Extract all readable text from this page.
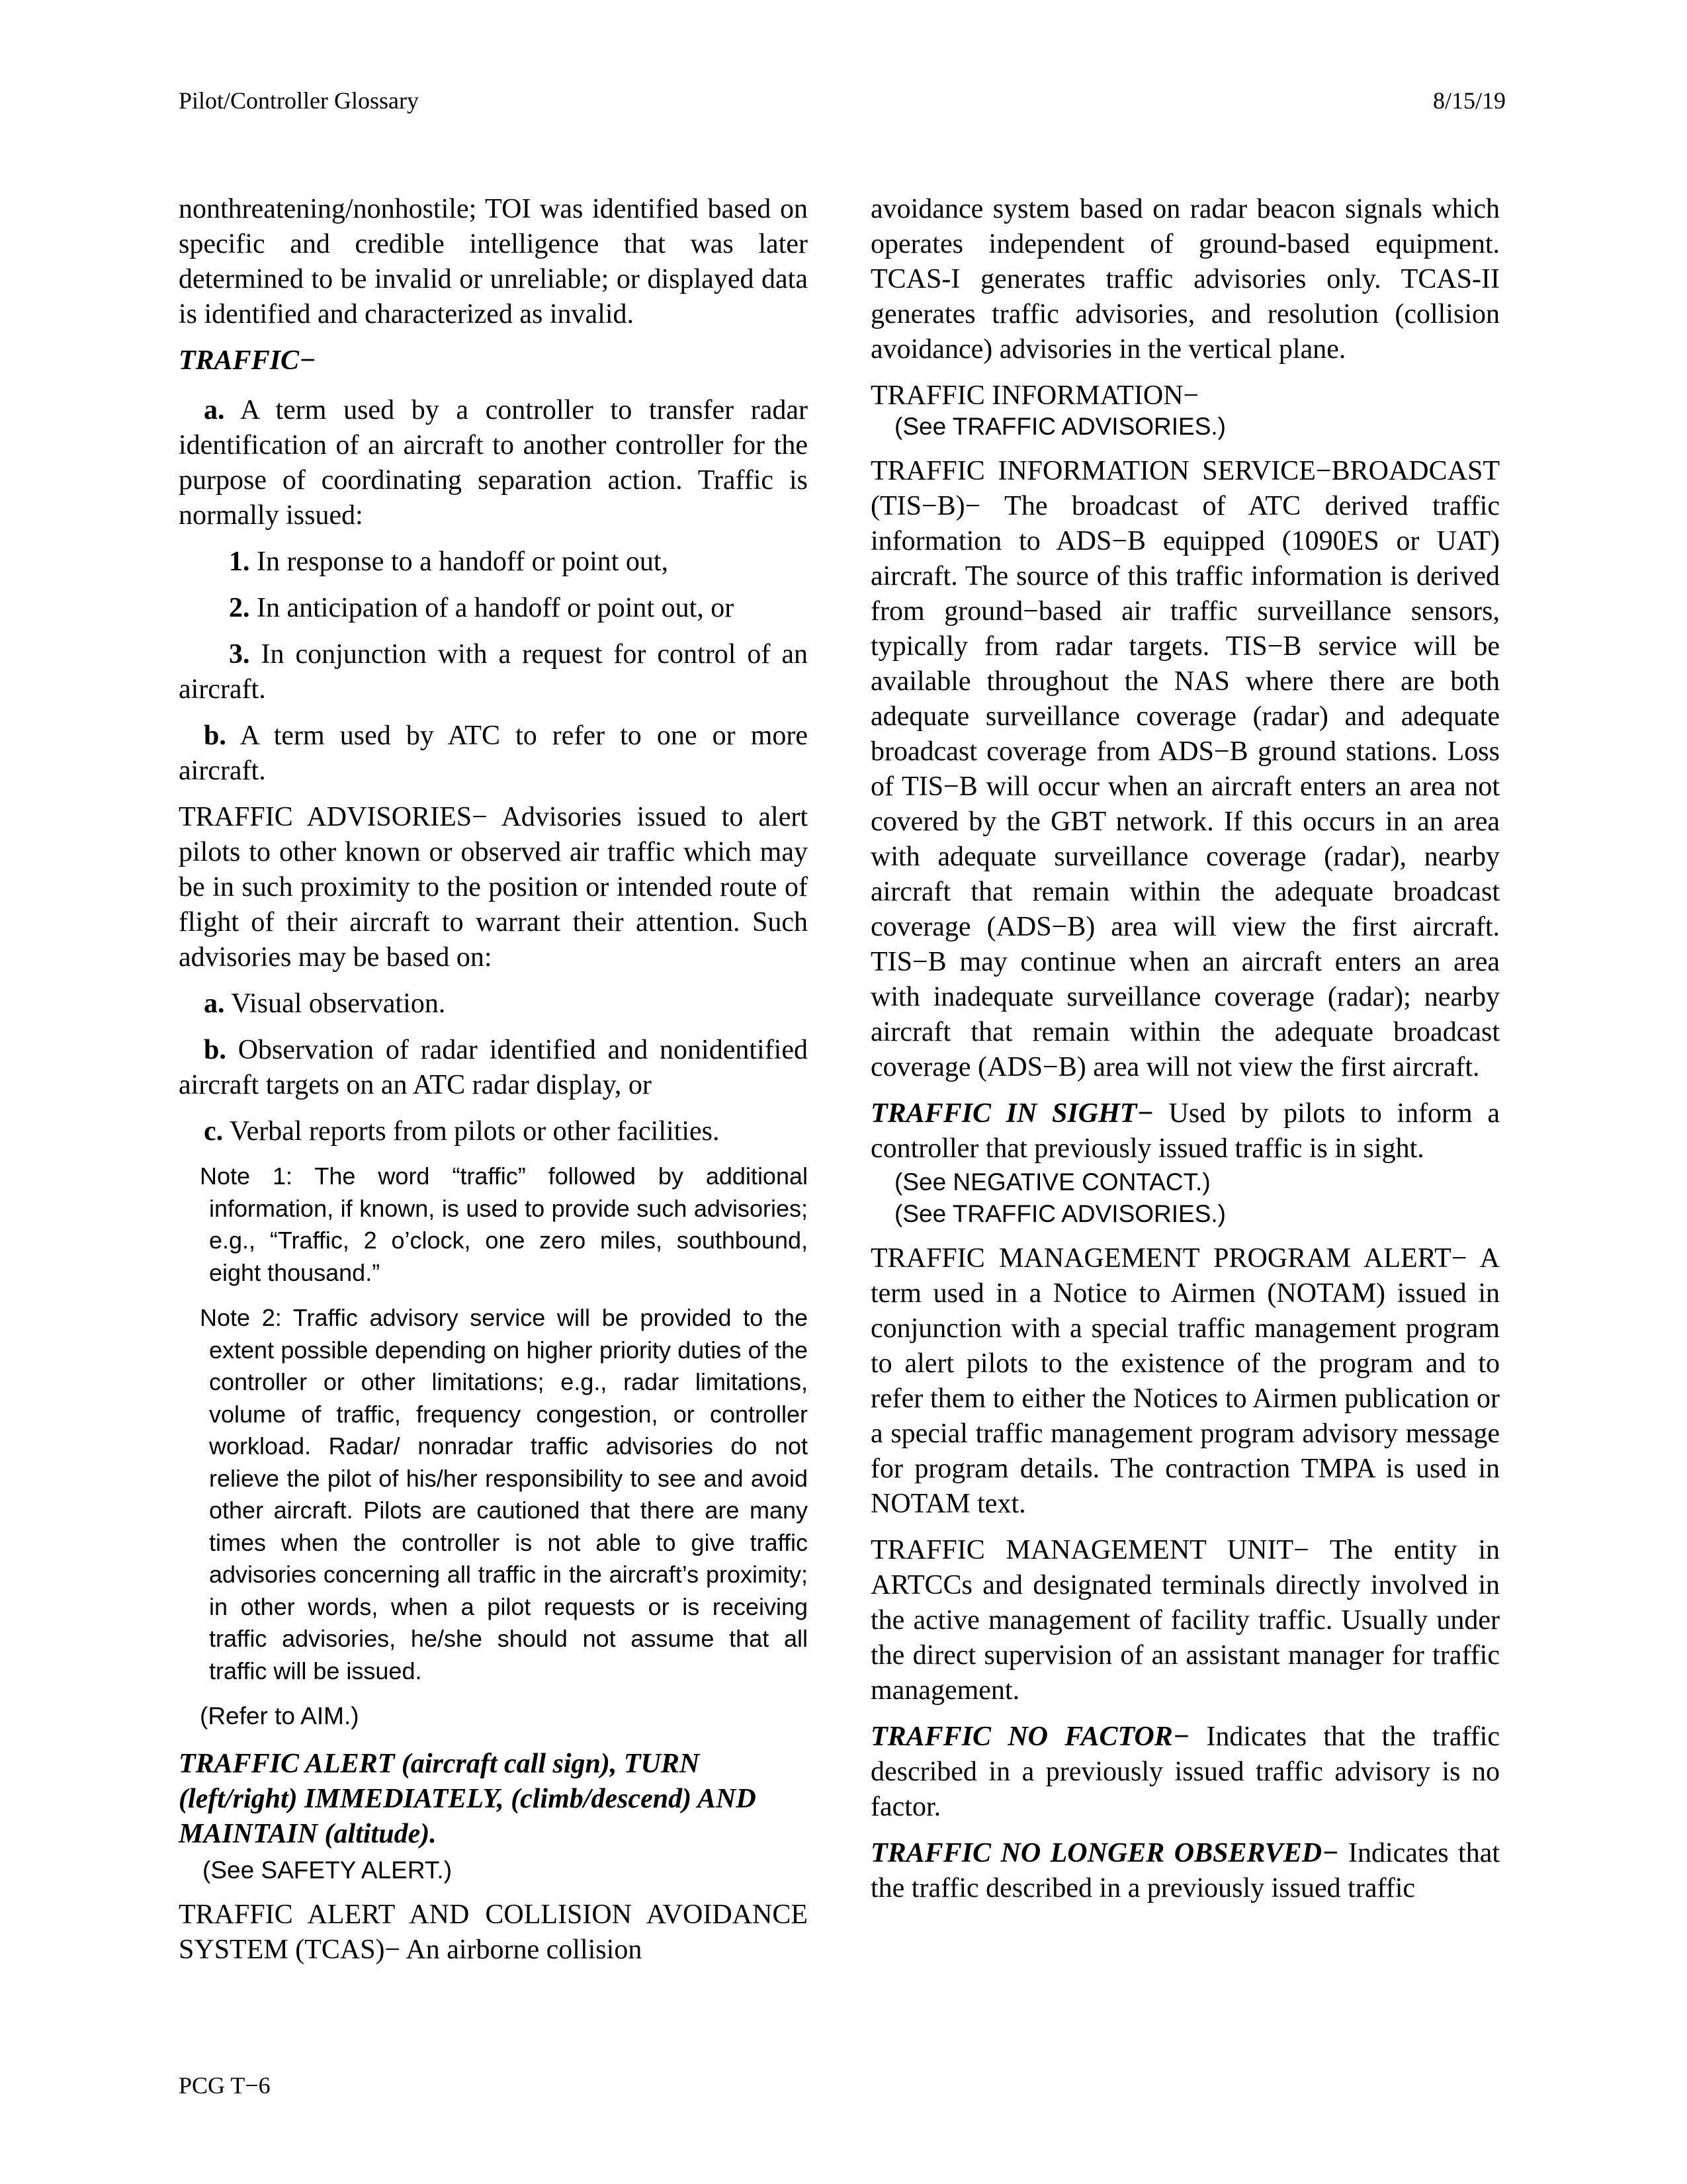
Pilot/Controller Glossary	8/15/19

nonthreatening/nonhostile; TOI was identified based on specific and credible intelligence that was later determined to be invalid or unreliable; or displayed data is identified and characterized as invalid.

TRAFFIC−

a. A term used by a controller to transfer radar identification of an aircraft to another controller for the purpose of coordinating separation action. Traffic is normally issued:

1. In response to a handoff or point out,

2. In anticipation of a handoff or point out, or

3. In conjunction with a request for control of an aircraft.

b. A term used by ATC to refer to one or more aircraft.

TRAFFIC ADVISORIES− Advisories issued to alert pilots to other known or observed air traffic which may be in such proximity to the position or intended route of flight of their aircraft to warrant their attention. Such advisories may be based on:

a. Visual observation.

b. Observation of radar identified and nonidentified aircraft targets on an ATC radar display, or

c. Verbal reports from pilots or other facilities.

Note 1: The word “traffic” followed by additional information, if known, is used to provide such advisories; e.g., “Traffic, 2 o’clock, one zero miles, southbound, eight thousand.”

Note 2: Traffic advisory service will be provided to the extent possible depending on higher priority duties of the controller or other limitations; e.g., radar limitations, volume of traffic, frequency congestion, or controller workload. Radar/ nonradar traffic advisories do not relieve the pilot of his/her responsibility to see and avoid other aircraft. Pilots are cautioned that there are many times when the controller is not able to give traffic advisories concerning all traffic in the aircraft’s proximity; in other words, when a pilot requests or is receiving traffic advisories, he/she should not assume that all traffic will be issued.

(Refer to AIM.)

TRAFFIC ALERT (aircraft call sign), TURN (left/right) IMMEDIATELY, (climb/descend) AND MAINTAIN (altitude).

(See SAFETY ALERT.)

TRAFFIC ALERT AND COLLISION AVOIDANCE SYSTEM (TCAS)− An airborne collision

avoidance system based on radar beacon signals which operates independent of ground-based equipment. TCAS-I generates traffic advisories only. TCAS-II generates traffic advisories, and resolution (collision avoidance) advisories in the vertical plane.

TRAFFIC INFORMATION−

(See TRAFFIC ADVISORIES.)

TRAFFIC INFORMATION SERVICE−BROADCAST (TIS−B)− The broadcast of ATC derived traffic information to ADS−B equipped (1090ES or UAT) aircraft. The source of this traffic information is derived from ground−based air traffic surveillance sensors, typically from radar targets. TIS−B service will be available throughout the NAS where there are both adequate surveillance coverage (radar) and adequate broadcast coverage from ADS−B ground stations. Loss of TIS−B will occur when an aircraft enters an area not covered by the GBT network. If this occurs in an area with adequate surveillance coverage (radar), nearby aircraft that remain within the adequate broadcast coverage (ADS−B) area will view the first aircraft. TIS−B may continue when an aircraft enters an area with inadequate surveillance coverage (radar); nearby aircraft that remain within the adequate broadcast coverage (ADS−B) area will not view the first aircraft.

TRAFFIC IN SIGHT− Used by pilots to inform a controller that previously issued traffic is in sight.

(See NEGATIVE CONTACT.)

(See TRAFFIC ADVISORIES.)

TRAFFIC MANAGEMENT PROGRAM ALERT− A term used in a Notice to Airmen (NOTAM) issued in conjunction with a special traffic management program to alert pilots to the existence of the program and to refer them to either the Notices to Airmen publication or a special traffic management program advisory message for program details. The contraction TMPA is used in NOTAM text.

TRAFFIC MANAGEMENT UNIT− The entity in ARTCCs and designated terminals directly involved in the active management of facility traffic. Usually under the direct supervision of an assistant manager for traffic management.

TRAFFIC NO FACTOR− Indicates that the traffic described in a previously issued traffic advisory is no factor.

TRAFFIC NO LONGER OBSERVED− Indicates that the traffic described in a previously issued traffic

PCG T−6
